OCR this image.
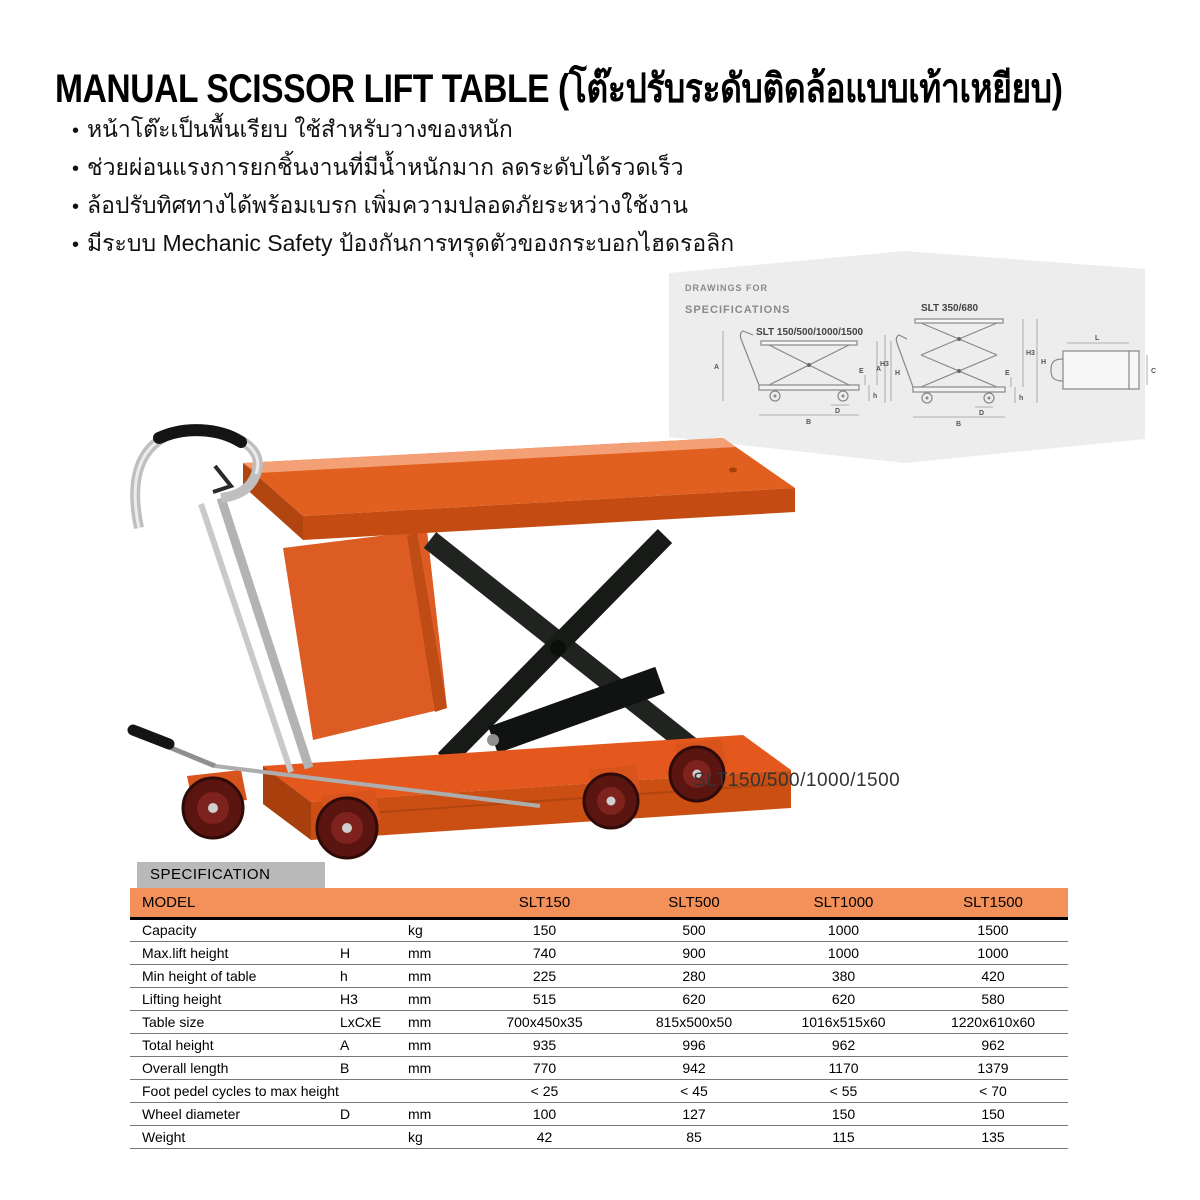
MANUAL SCISSOR LIFT TABLE (โต๊ะปรับระดับติดล้อแบบเท้าเหยียบ)
• หน้าโต๊ะเป็นพื้นเรียบ ใช้สำหรับวางของหนัก
• ช่วยผ่อนแรงการยกชิ้นงานที่มีน้ำหนักมาก ลดระดับได้รวดเร็ว
• ล้อปรับทิศทางได้พร้อมเบรก เพิ่มความปลอดภัยระหว่างใช้งาน
• มีระบบ Mechanic Safety ป้องกันการทรุดตัวของกระบอกไฮดรอลิก
DRAWINGS FOR
SPECIFICATIONS
SLT 150/500/1000/1500
A
B
D
E
h
H3
H
SLT 350/680
A
B
D
E
h
H3
H
L
C
SLT150/500/1000/1500
SPECIFICATION
MODEL			SLT150	SLT500	SLT1000	SLT1500
Capacity		kg	150	500	1000	1500
Max.lift height	H	mm	740	900	1000	1000
Min height of table	h	mm	225	280	380	420
Lifting height	H3	mm	515	620	620	580
Table size	LxCxE	mm	700x450x35	815x500x50	1016x515x60	1220x610x60
Total height	A	mm	935	996	962	962
Overall length	B	mm	770	942	1170	1379
Foot pedel cycles to max height			< 25	< 45	< 55	< 70
Wheel diameter	D	mm	100	127	150	150
Weight		kg	42	85	115	135
